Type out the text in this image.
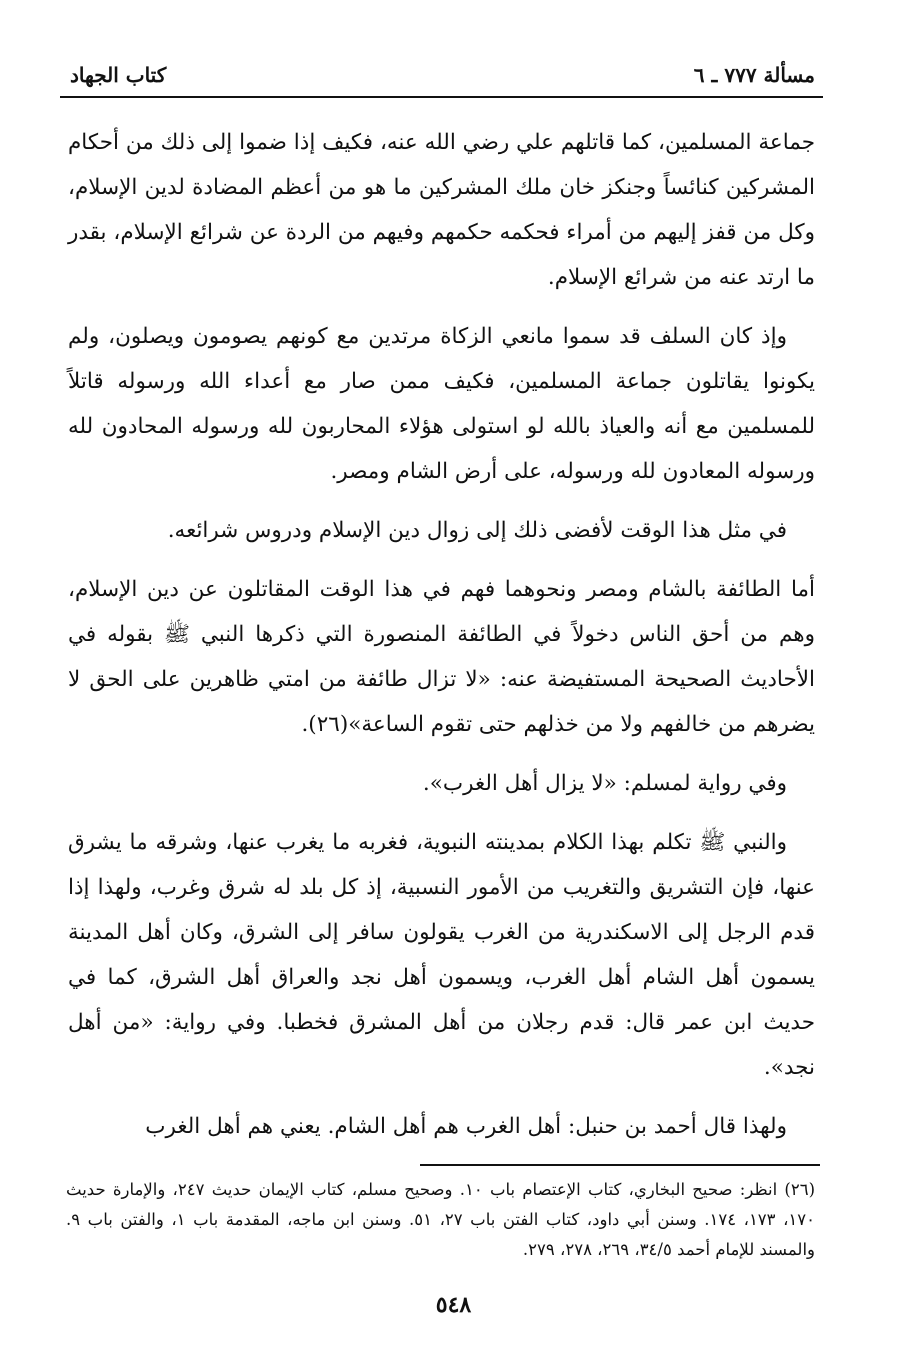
مسألة ٧٧٧ ـ ٦
كتاب الجهاد

جماعة المسلمين، كما قاتلهم علي رضي الله عنه، فكيف إذا ضموا إلى ذلك من أحكام المشركين كنائساً وجنكز خان ملك المشركين ما هو من أعظم المضادة لدين الإسلام، وكل من قفز إليهم من أمراء فحكمه حكمهم وفيهم من الردة عن شرائع الإسلام، بقدر ما ارتد عنه من شرائع الإسلام.

وإذ كان السلف قد سموا مانعي الزكاة مرتدين مع كونهم يصومون ويصلون، ولم يكونوا يقاتلون جماعة المسلمين، فكيف ممن صار مع أعداء الله ورسوله قاتلاً للمسلمين مع أنه والعياذ بالله لو استولى هؤلاء المحاربون لله ورسوله المحادون لله ورسوله المعادون لله ورسوله، على أرض الشام ومصر.

في مثل هذا الوقت لأفضى ذلك إلى زوال دين الإسلام ودروس شرائعه.

أما الطائفة بالشام ومصر ونحوهما فهم في هذا الوقت المقاتلون عن دين الإسلام، وهم من أحق الناس دخولاً في الطائفة المنصورة التي ذكرها النبي ﷺ بقوله في الأحاديث الصحيحة المستفيضة عنه: «لا تزال طائفة من امتي ظاهرين على الحق لا يضرهم من خالفهم ولا من خذلهم حتى تقوم الساعة»(٢٦).

وفي رواية لمسلم: «لا يزال أهل الغرب».

والنبي ﷺ تكلم بهذا الكلام بمدينته النبوية، فغربه ما يغرب عنها، وشرقه ما يشرق عنها، فإن التشريق والتغريب من الأمور النسبية، إذ كل بلد له شرق وغرب، ولهذا إذا قدم الرجل إلى الاسكندرية من الغرب يقولون سافر إلى الشرق، وكان أهل المدينة يسمون أهل الشام أهل الغرب، ويسمون أهل نجد والعراق أهل الشرق، كما في حديث ابن عمر قال: قدم رجلان من أهل المشرق فخطبا. وفي رواية: «من أهل نجد».

ولهذا قال أحمد بن حنبل: أهل الغرب هم أهل الشام. يعني هم أهل الغرب

(٢٦) انظر: صحيح البخاري، كتاب الإعتصام باب ١٠. وصحيح مسلم، كتاب الإيمان حديث ٢٤٧، والإمارة حديث ١٧٠، ١٧٣، ١٧٤. وسنن أبي داود، كتاب الفتن باب ٢٧، ٥١. وسنن ابن ماجه، المقدمة باب ١، والفتن باب ٩. والمسند للإمام أحمد ٣٤/٥، ٢٦٩، ٢٧٨، ٢٧٩.
٥٤٨
